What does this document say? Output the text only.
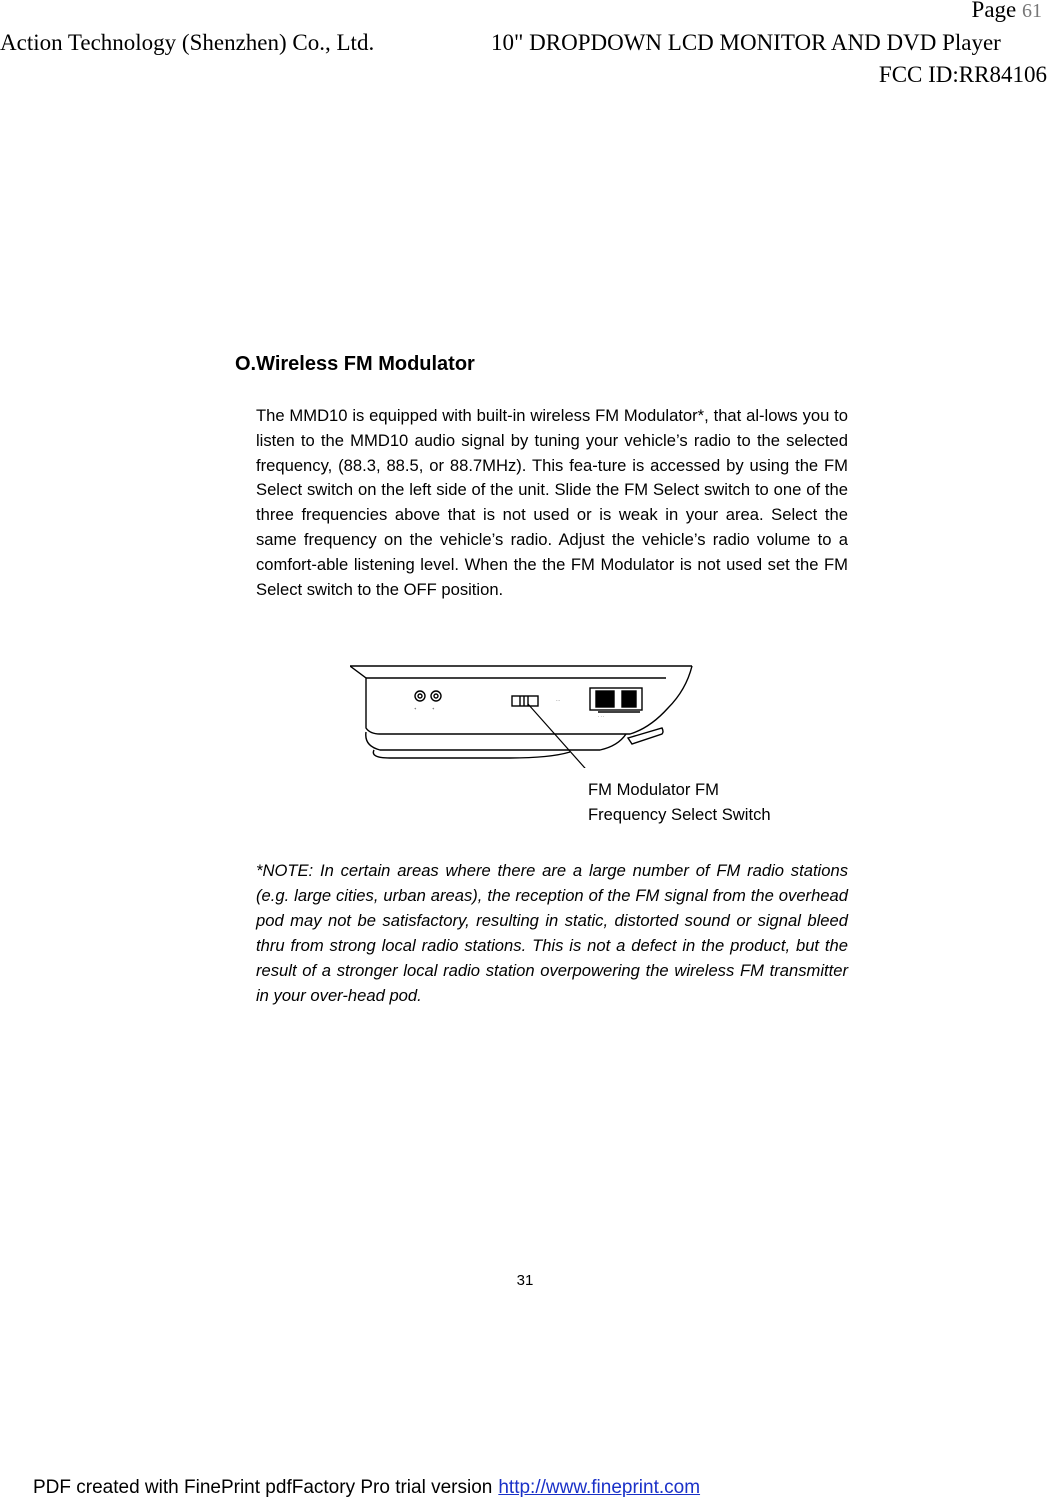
Page 61
Action Technology (Shenzhen) Co., Ltd.	10" DROPDOWN LCD MONITOR AND DVD Player
FCC ID:RR84106
O.Wireless FM Modulator
The MMD10 is equipped with built-in wireless FM Modulator*, that al-lows you to listen to the MMD10 audio signal by tuning your vehicle’s radio to the selected frequency, (88.3, 88.5, or 88.7MHz). This fea-ture is accessed by using the FM Select switch on the left side of the unit. Slide the FM Select switch to one of the three frequencies above that is not used or is weak in your area. Select the same frequency on the vehicle’s radio. Adjust the vehicle’s radio volume to a comfort-able listening level. When the the FM Modulator is not used set the FM Select switch to the OFF position.
+	+
···
· · ·
FM Modulator FM
Frequency Select Switch
*NOTE: In certain areas where there are a large number of FM radio stations (e.g. large cities, urban areas), the reception of the FM signal from the overhead pod may not be satisfactory, resulting in static, distorted sound or signal bleed thru from strong local radio stations. This is not a defect in the product, but the result of a stronger local radio station overpowering the wireless FM transmitter in your over-head pod.
31
PDF created with FinePrint pdfFactory Pro trial version http://www.fineprint.com
